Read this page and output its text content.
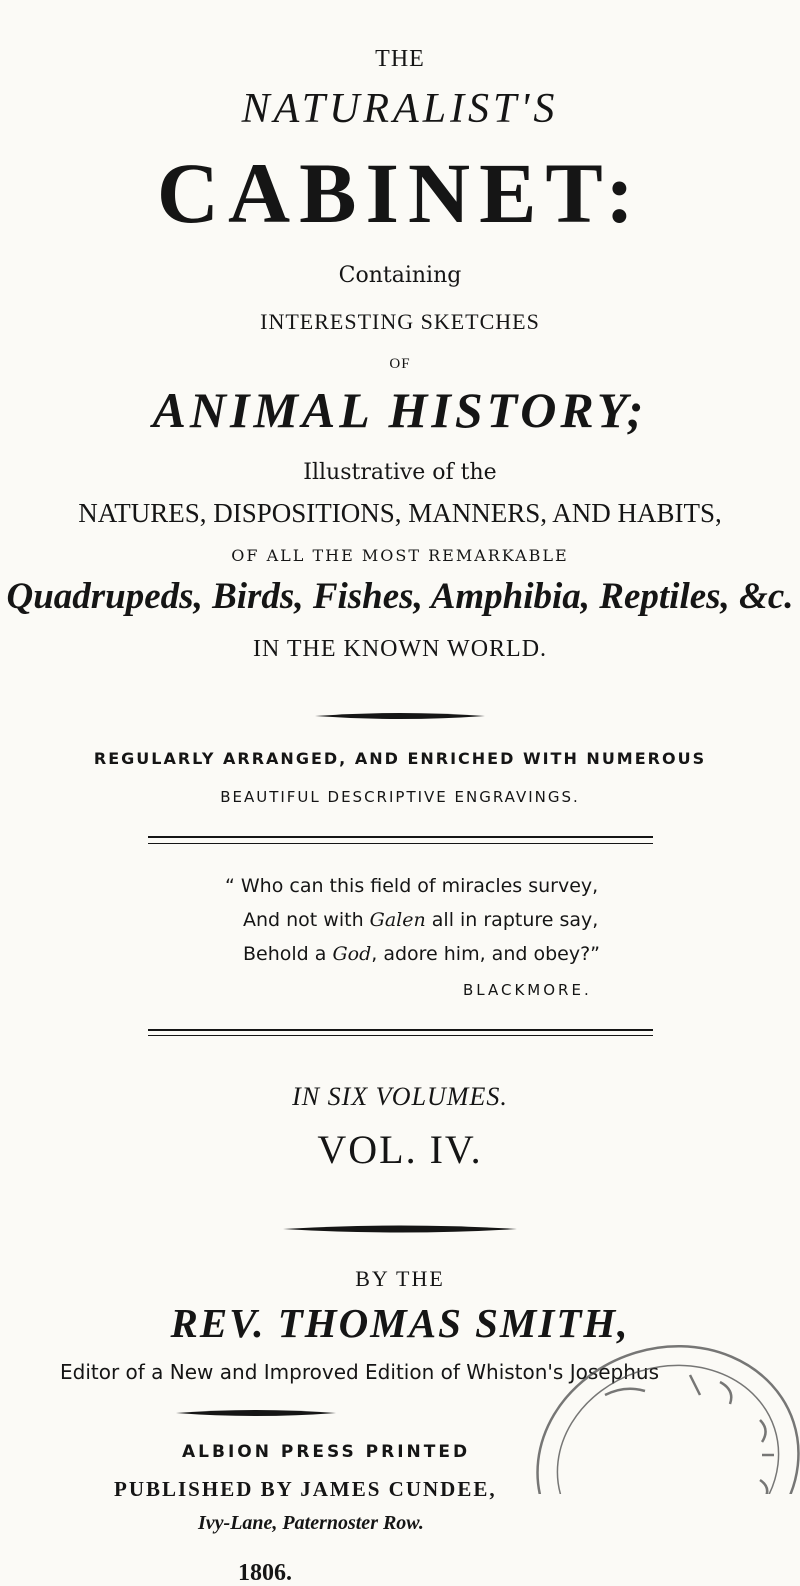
THE
NATURALIST'S
CABINET:
Containing
INTERESTING SKETCHES
OF
ANIMAL HISTORY;
Illustrative of the
NATURES, DISPOSITIONS, MANNERS, AND HABITS,
OF ALL THE MOST REMARKABLE
Quadrupeds, Birds, Fishes, Amphibia, Reptiles, &c.
IN THE KNOWN WORLD.
REGULARLY ARRANGED, AND ENRICHED WITH NUMEROUS
BEAUTIFUL DESCRIPTIVE ENGRAVINGS.
“ Who can this field of miracles survey,
And not with Galen all in rapture say,
Behold a God, adore him, and obey?”
BLACKMORE.
IN SIX VOLUMES.
VOL. IV.
BY THE
REV. THOMAS SMITH,
Editor of a New and Improved Edition of Whiston's Josephus
ALBION PRESS PRINTED
PUBLISHED BY JAMES CUNDEE,
Ivy-Lane, Paternoster Row.
1806.
